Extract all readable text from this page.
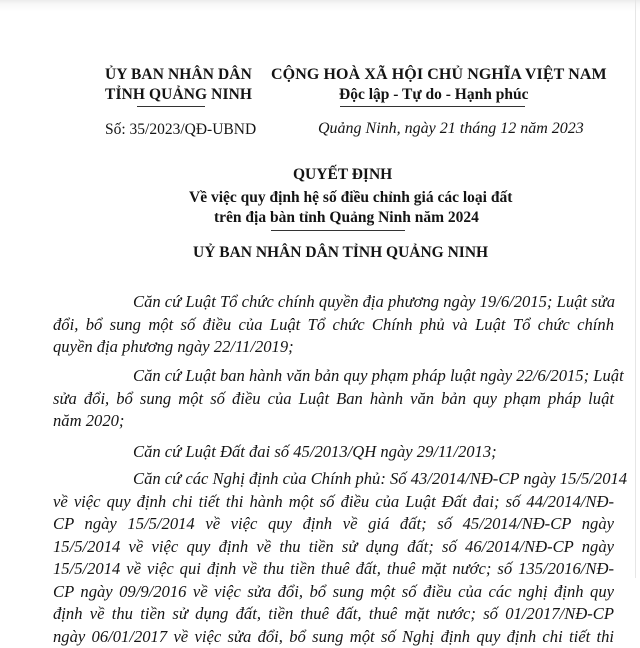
ỦY BAN NHÂN DÂN
TỈNH QUẢNG NINH
Số: 35/2023/QĐ-UBND
CỘNG HOÀ XÃ HỘI CHỦ NGHĨA VIỆT NAM
Độc lập - Tự do - Hạnh phúc
Quảng Ninh, ngày 21 tháng 12 năm 2023
QUYẾT ĐỊNH
Về việc quy định hệ số điều chỉnh giá các loại đất
trên địa bàn tỉnh Quảng Ninh năm 2024
UỶ BAN NHÂN DÂN TỈNH QUẢNG NINH
Căn cứ Luật Tổ chức chính quyền địa phương ngày 19/6/2015; Luật sửa
đổi, bổ sung một số điều của Luật Tổ chức Chính phủ và Luật Tổ chức chính
quyền địa phương ngày 22/11/2019;
Căn cứ Luật ban hành văn bản quy phạm pháp luật ngày 22/6/2015; Luật
sửa đổi, bổ sung một số điều của Luật Ban hành văn bản quy phạm pháp luật
năm 2020;
Căn cứ Luật Đất đai số 45/2013/QH ngày 29/11/2013;
Căn cứ các Nghị định của Chính phủ: Số 43/2014/NĐ-CP ngày 15/5/2014
về việc quy định chi tiết thi hành một số điều của Luật Đất đai; số 44/2014/NĐ-
CP ngày 15/5/2014 về việc quy định về giá đất; số 45/2014/NĐ-CP ngày
15/5/2014 về việc quy định về thu tiền sử dụng đất; số 46/2014/NĐ-CP ngày
15/5/2014 về việc qui định về thu tiền thuê đất, thuê mặt nước; số 135/2016/NĐ-
CP ngày 09/9/2016 về việc sửa đổi, bổ sung một số điều của các nghị định quy
định về thu tiền sử dụng đất, tiền thuê đất, thuê mặt nước; số 01/2017/NĐ-CP
ngày 06/01/2017 về việc sửa đổi, bổ sung một số Nghị định quy định chi tiết thi
